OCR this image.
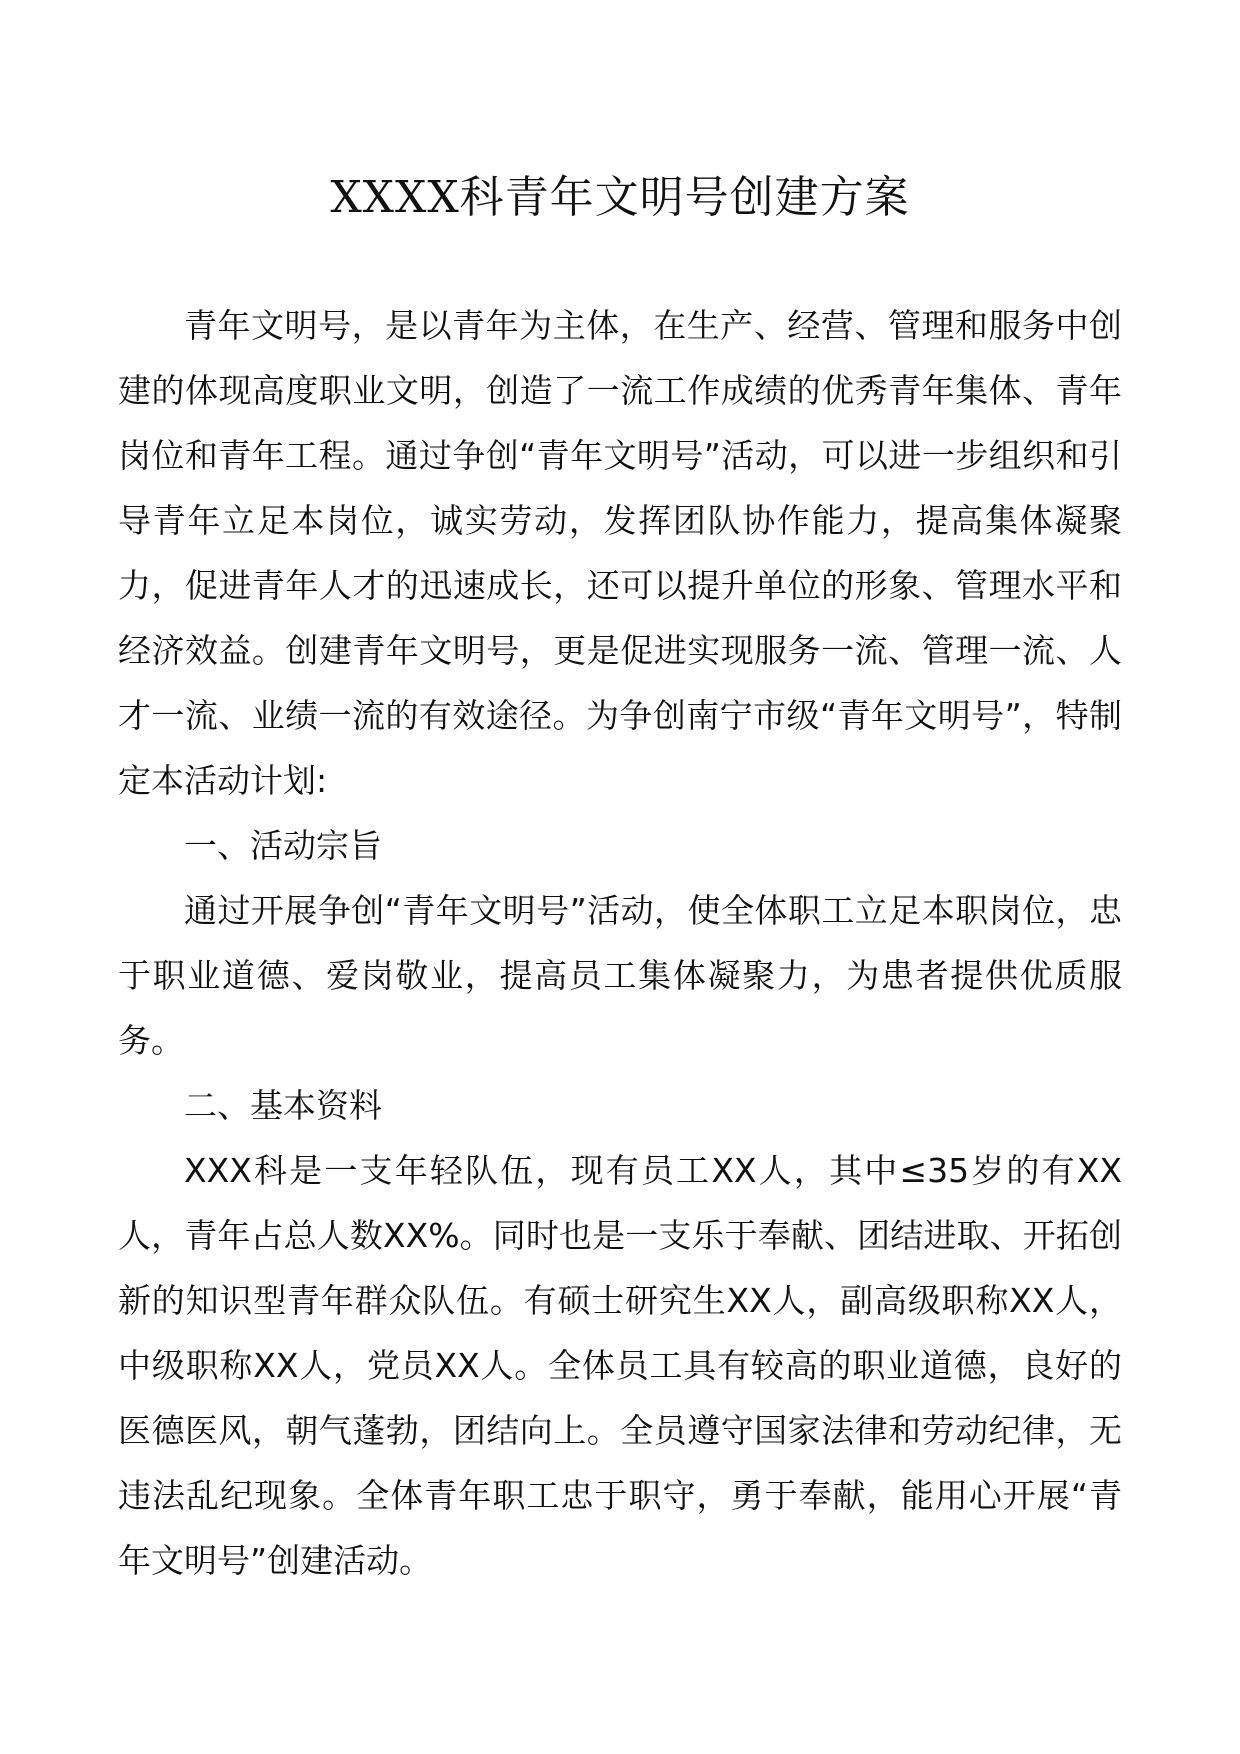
XXXX科青年文明号创建方案

青年文明号，是以青年为主体，在生产、经营、管理和服务中创建的体现高度职业文明，创造了一流工作成绩的优秀青年集体、青年岗位和青年工程。通过争创“青年文明号”活动，可以进一步组织和引导青年立足本岗位，诚实劳动，发挥团队协作能力，提高集体凝聚力，促进青年人才的迅速成长，还可以提升单位的形象、管理水平和经济效益。创建青年文明号，更是促进实现服务一流、管理一流、人才一流、业绩一流的有效途径。为争创南宁市级“青年文明号”，特制定本活动计划:

一、活动宗旨

通过开展争创“青年文明号”活动，使全体职工立足本职岗位，忠于职业道德、爱岗敬业，提高员工集体凝聚力，为患者提供优质服务。

二、基本资料

XXX科是一支年轻队伍，现有员工XX人，其中≤35岁的有XX人，青年占总人数XX%。同时也是一支乐于奉献、团结进取、开拓创新的知识型青年群众队伍。有硕士研究生XX人，副高级职称XX人，中级职称XX人，党员XX人。全体员工具有较高的职业道德，良好的医德医风，朝气蓬勃，团结向上。全员遵守国家法律和劳动纪律，无违法乱纪现象。全体青年职工忠于职守，勇于奉献，能用心开展“青年文明号”创建活动。
